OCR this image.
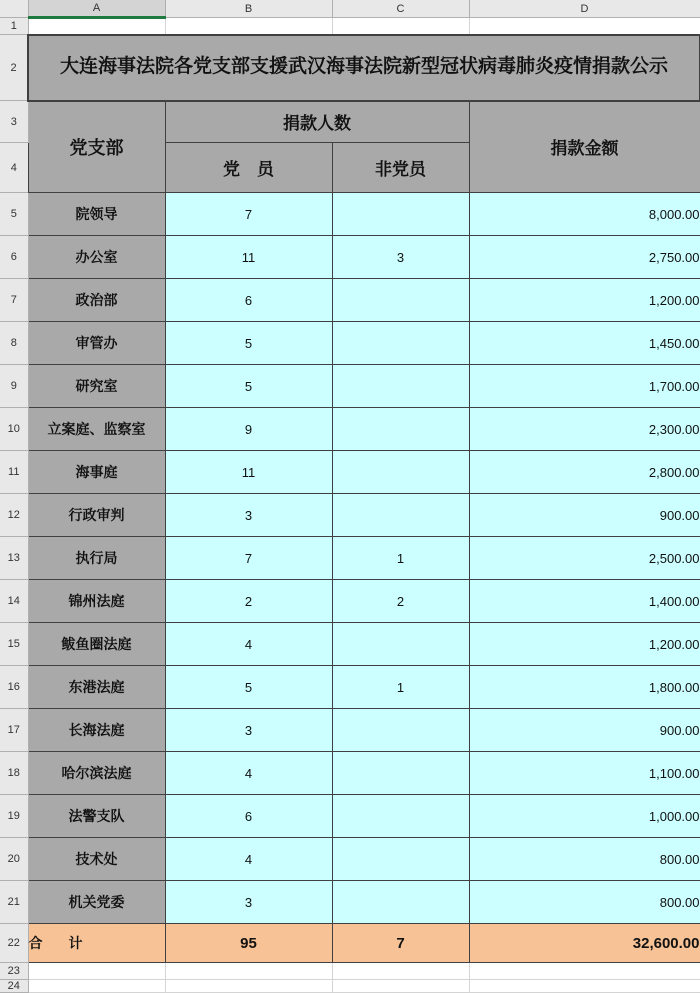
	A	B	C	D
1				
2	大连海事法院各党支部支援武汉海事法院新型冠状病毒肺炎疫情捐款公示			
3	党支部	捐款人数		捐款金额
4		党　员	非党员	
5	院领导	7		8,000.00
6	办公室	11	3	2,750.00
7	政治部	6		1,200.00
8	审管办	5		1,450.00
9	研究室	5		1,700.00
10	立案庭、监察室	9		2,300.00
11	海事庭	11		2,800.00
12	行政审判	3		900.00
13	执行局	7	1	2,500.00
14	锦州法庭	2	2	1,400.00
15	鲅鱼圈法庭	4		1,200.00
16	东港法庭	5	1	1,800.00
17	长海法庭	3		900.00
18	哈尔滨法庭	4		1,100.00
19	法警支队	6		1,000.00
20	技术处	4		800.00
21	机关党委	3		800.00
22	合　计	95	7	32,600.00
23				
24				
